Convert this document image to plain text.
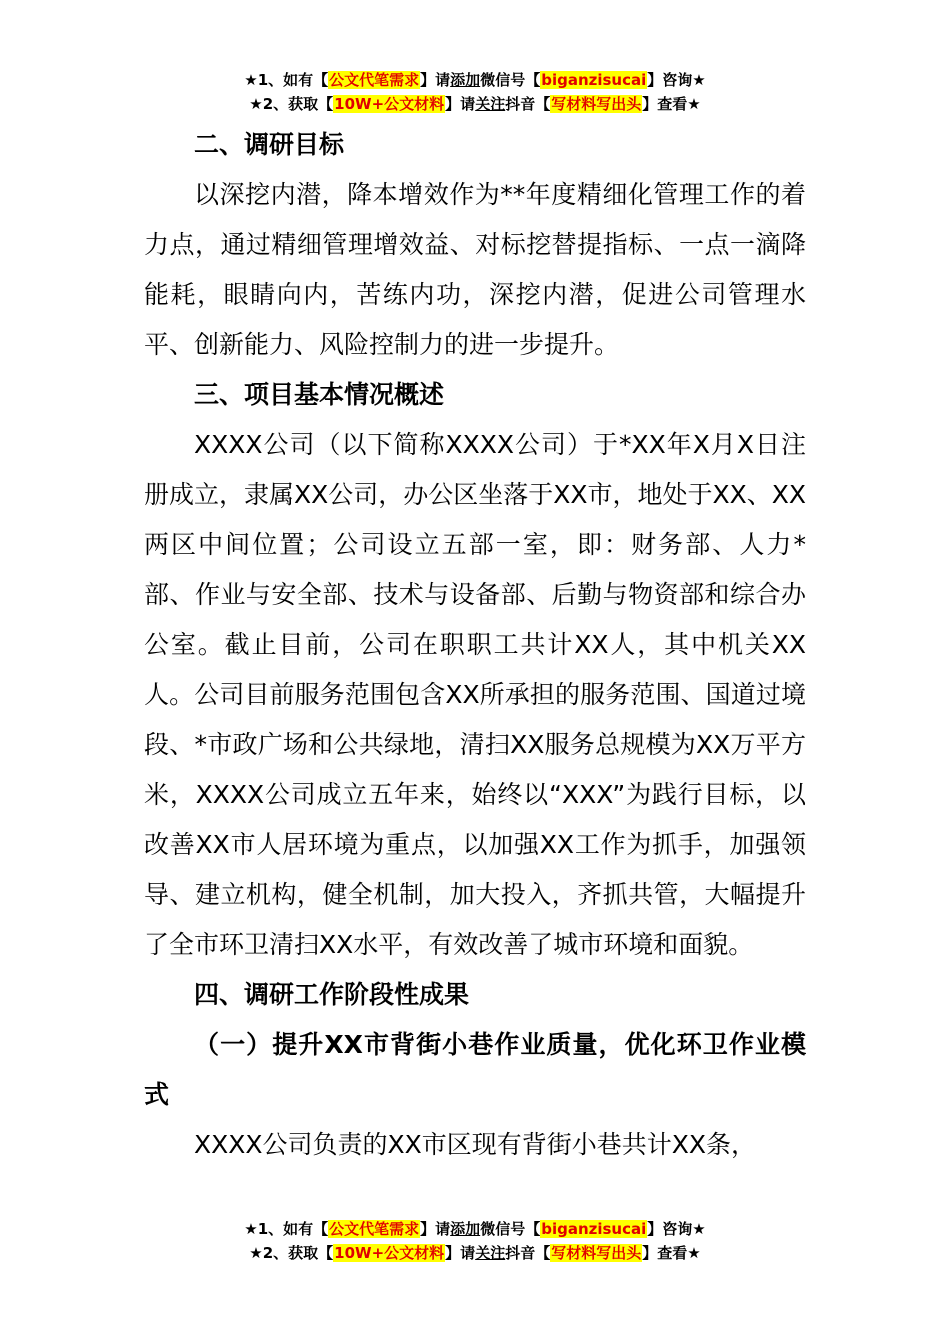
★1、如有【公文代笔需求】请添加微信号【biganzisucai】咨询★
★2、获取【10W+公文材料】请关注抖音【写材料写出头】查看★

二、调研目标

以深挖内潜，降本增效作为**年度精细化管理工作的着力点，通过精细管理增效益、对标挖替提指标、一点一滴降能耗，眼睛向内，苦练内功，深挖内潜，促进公司管理水平、创新能力、风险控制力的进一步提升。

三、项目基本情况概述

XXXX公司（以下简称XXXX公司）于*XX年X月X日注册成立，隶属XX公司，办公区坐落于XX市，地处于XX、XX两区中间位置；公司设立五部一室，即：财务部、人力*部、作业与安全部、技术与设备部、后勤与物资部和综合办公室。截止目前，公司在职职工共计XX人，其中机关XX人。公司目前服务范围包含XX所承担的服务范围、国道过境段、*市政广场和公共绿地，清扫XX服务总规模为XX万平方米，XXXX公司成立五年来，始终以“XXX”为践行目标，以改善XX市人居环境为重点，以加强XX工作为抓手，加强领导、建立机构，健全机制，加大投入，齐抓共管，大幅提升了全市环卫清扫XX水平，有效改善了城市环境和面貌。

四、调研工作阶段性成果

（一）提升XX市背街小巷作业质量，优化环卫作业模式

XXXX公司负责的XX市区现有背街小巷共计XX条，

★1、如有【公文代笔需求】请添加微信号【biganzisucai】咨询★
★2、获取【10W+公文材料】请关注抖音【写材料写出头】查看★
